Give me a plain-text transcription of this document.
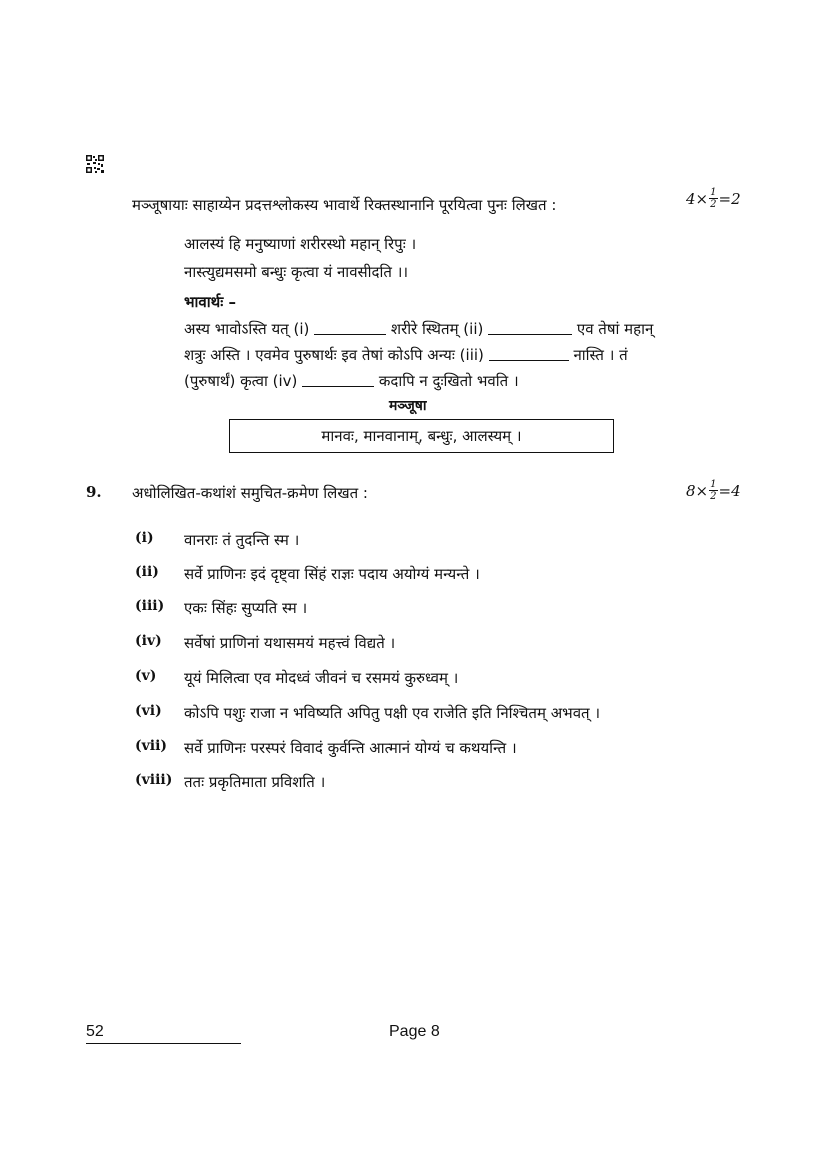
मञ्जूषायाः साहाय्येन प्रदत्तश्लोकस्य भावार्थे रिक्तस्थानानि पूरयित्वा पुनः लिखत :	$4 \times \frac{1}{2} = 2$
आलस्यं हि मनुष्याणां शरीरस्थो महान् रिपुः ।
नास्त्युद्यमसमो बन्धुः कृत्वा यं नावसीदति ।।
भावार्थः –
अस्य भावोऽस्ति यत् (i)	शरीरे स्थितम् (ii)	एव तेषां महान्
शत्रुः अस्ति । एवमेव पुरुषार्थः इव तेषां कोऽपि अन्यः (iii)	नास्ति । तं
(पुरुषार्थं) कृत्वा (iv)	कदापि न दुःखितो भवति ।
मञ्जूषा
मानवः, मानवानाम्, बन्धुः, आलस्यम् ।
9. अधोलिखित-कथांशं समुचित-क्रमेण लिखत :	$8 \times \frac{1}{2} = 4$
(i) वानराः तं तुदन्ति स्म ।
(ii) सर्वे प्राणिनः इदं दृष्ट्वा सिंहं राज्ञः पदाय अयोग्यं मन्यन्ते ।
(iii) एकः सिंहः सुप्यति स्म ।
(iv) सर्वेषां प्राणिनां यथासमयं महत्त्वं विद्यते ।
(v) यूयं मिलित्वा एव मोदध्वं जीवनं च रसमयं कुरुध्वम् ।
(vi) कोऽपि पशुः राजा न भविष्यति अपितु पक्षी एव राजेति इति निश्चितम् अभवत् ।
(vii) सर्वे प्राणिनः परस्परं विवादं कुर्वन्ति आत्मानं योग्यं च कथयन्ति ।
(viii) ततः प्रकृतिमाता प्रविशति ।
52	Page 8
